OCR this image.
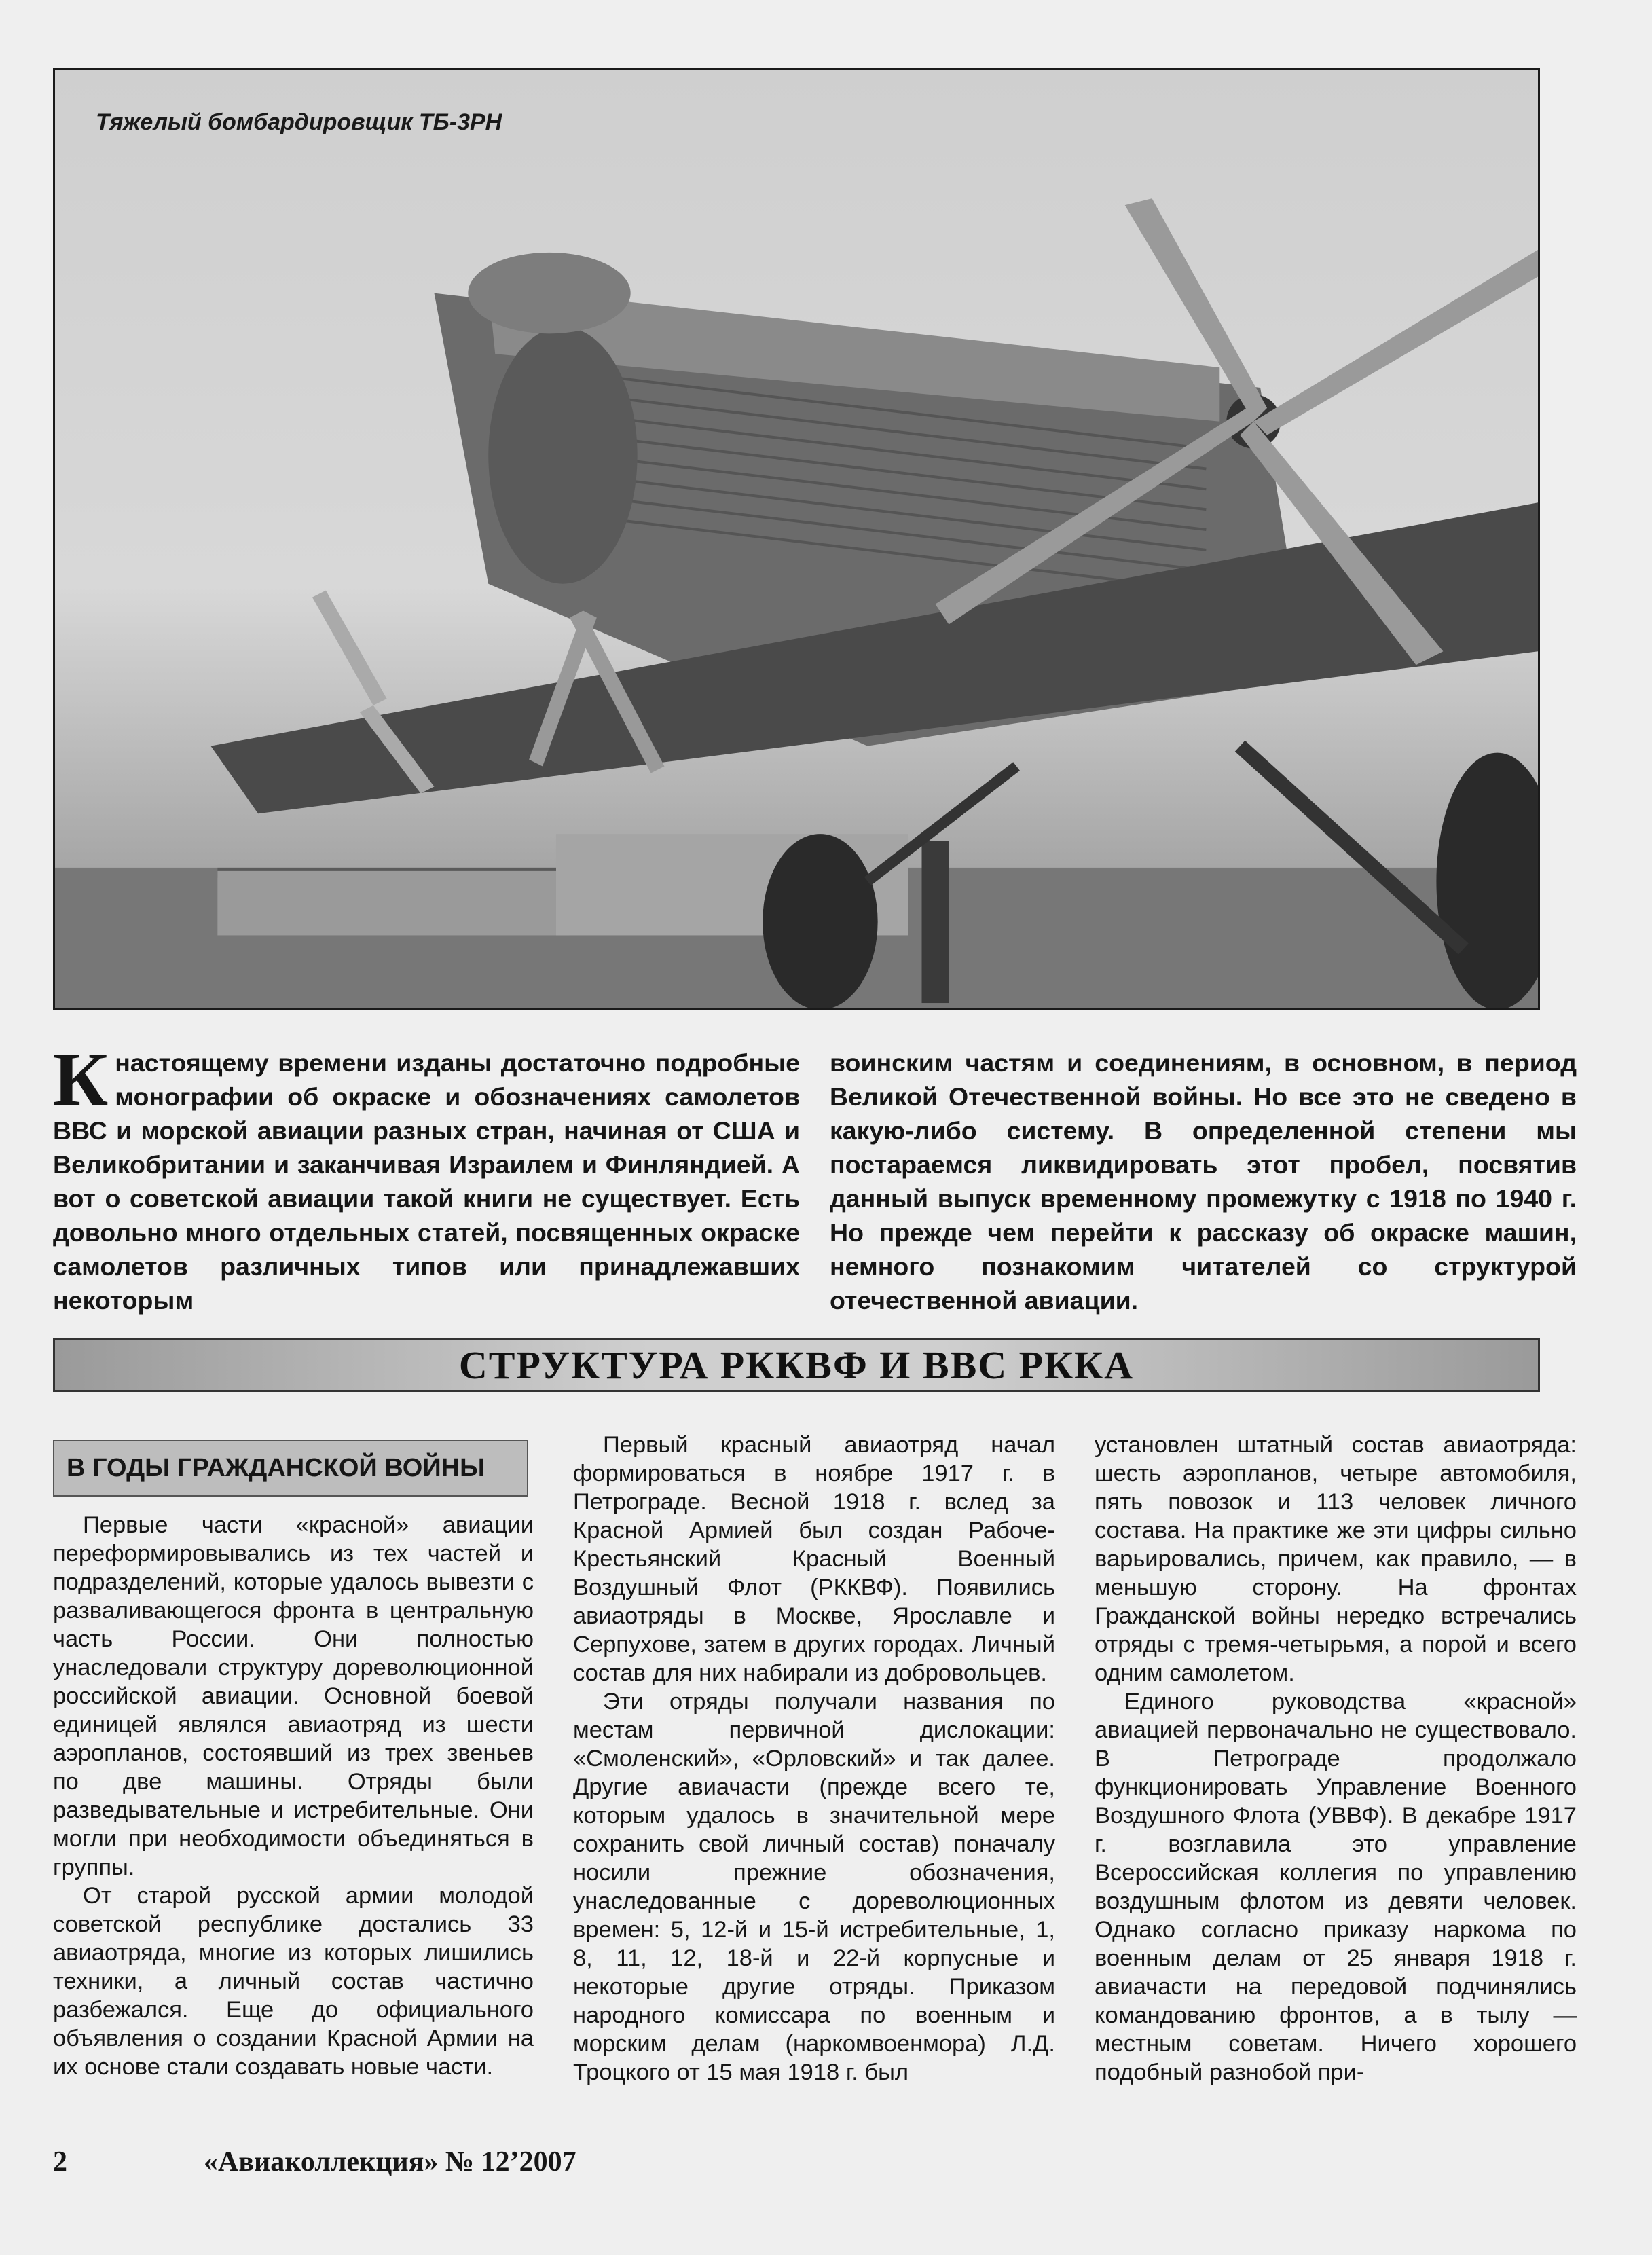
Тяжелый бомбардировщик ТБ-3РН
К настоящему времени изданы достаточно подробные монографии об окраске и обозначениях самолетов ВВС и морской авиации разных стран, начиная от США и Великобритании и заканчивая Израилем и Финляндией. А вот о советской авиации такой книги не существует. Есть довольно много отдельных статей, посвященных окраске самолетов различных типов или принадлежавших некоторым
воинским частям и соединениям, в основном, в период Великой Отечественной войны. Но все это не сведено в какую-либо систему. В определенной степени мы постараемся ликвидировать этот пробел, посвятив данный выпуск временному промежутку с 1918 по 1940 г. Но прежде чем перейти к рассказу об окраске машин, немного познакомим читателей со структурой отечественной авиации.
СТРУКТУРА РККВФ И ВВС РККА
В ГОДЫ ГРАЖДАНСКОЙ ВОЙНЫ

Первые части «красной» авиации переформировывались из тех частей и подразделений, которые удалось вывезти с разваливающегося фронта в центральную часть России. Они полностью унаследовали структуру дореволюционной российской авиации. Основной боевой единицей являлся авиаотряд из шести аэропланов, состоявший из трех звеньев по две машины. Отряды были разведывательные и истребительные. Они могли при необходимости объединяться в группы.

От старой русской армии молодой советской республике достались 33 авиаотряда, многие из которых лишились техники, а личный состав частично разбежался. Еще до официального объявления о создании Красной Армии на их основе стали создавать новые части.

Первый красный авиаотряд начал формироваться в ноябре 1917 г. в Петрограде. Весной 1918 г. вслед за Красной Армией был создан Рабоче-Крестьянский Красный Военный Воздушный Флот (РККВФ). Появились авиаотряды в Москве, Ярославле и Серпухове, затем в других городах. Личный состав для них набирали из добровольцев.

Эти отряды получали названия по местам первичной дислокации: «Смоленский», «Орловский» и так далее. Другие авиачасти (прежде всего те, которым удалось в значительной мере сохранить свой личный состав) поначалу носили прежние обозначения, унаследованные с дореволюционных времен: 5, 12-й и 15-й истребительные, 1, 8, 11, 12, 18-й и 22-й корпусные и некоторые другие отряды. Приказом народного комиссара по военным и морским делам (наркомвоенмора) Л.Д. Троцкого от 15 мая 1918 г. был

установлен штатный состав авиаотряда: шесть аэропланов, четыре автомобиля, пять повозок и 113 человек личного состава. На практике же эти цифры сильно варьировались, причем, как правило, — в меньшую сторону. На фронтах Гражданской войны нередко встречались отряды с тремя-четырьмя, а порой и всего одним самолетом.

Единого руководства «красной» авиацией первоначально не существовало. В Петрограде продолжало функционировать Управление Военного Воздушного Флота (УВВФ). В декабре 1917 г. возглавила это управление Всероссийская коллегия по управлению воздушным флотом из девяти человек. Однако согласно приказу наркома по военным делам от 25 января 1918 г. авиачасти на передовой подчинялись командованию фронтов, а в тылу — местным советам. Ничего хорошего подобный разнобой при-

2	«Авиаколлекция» № 12’2007
